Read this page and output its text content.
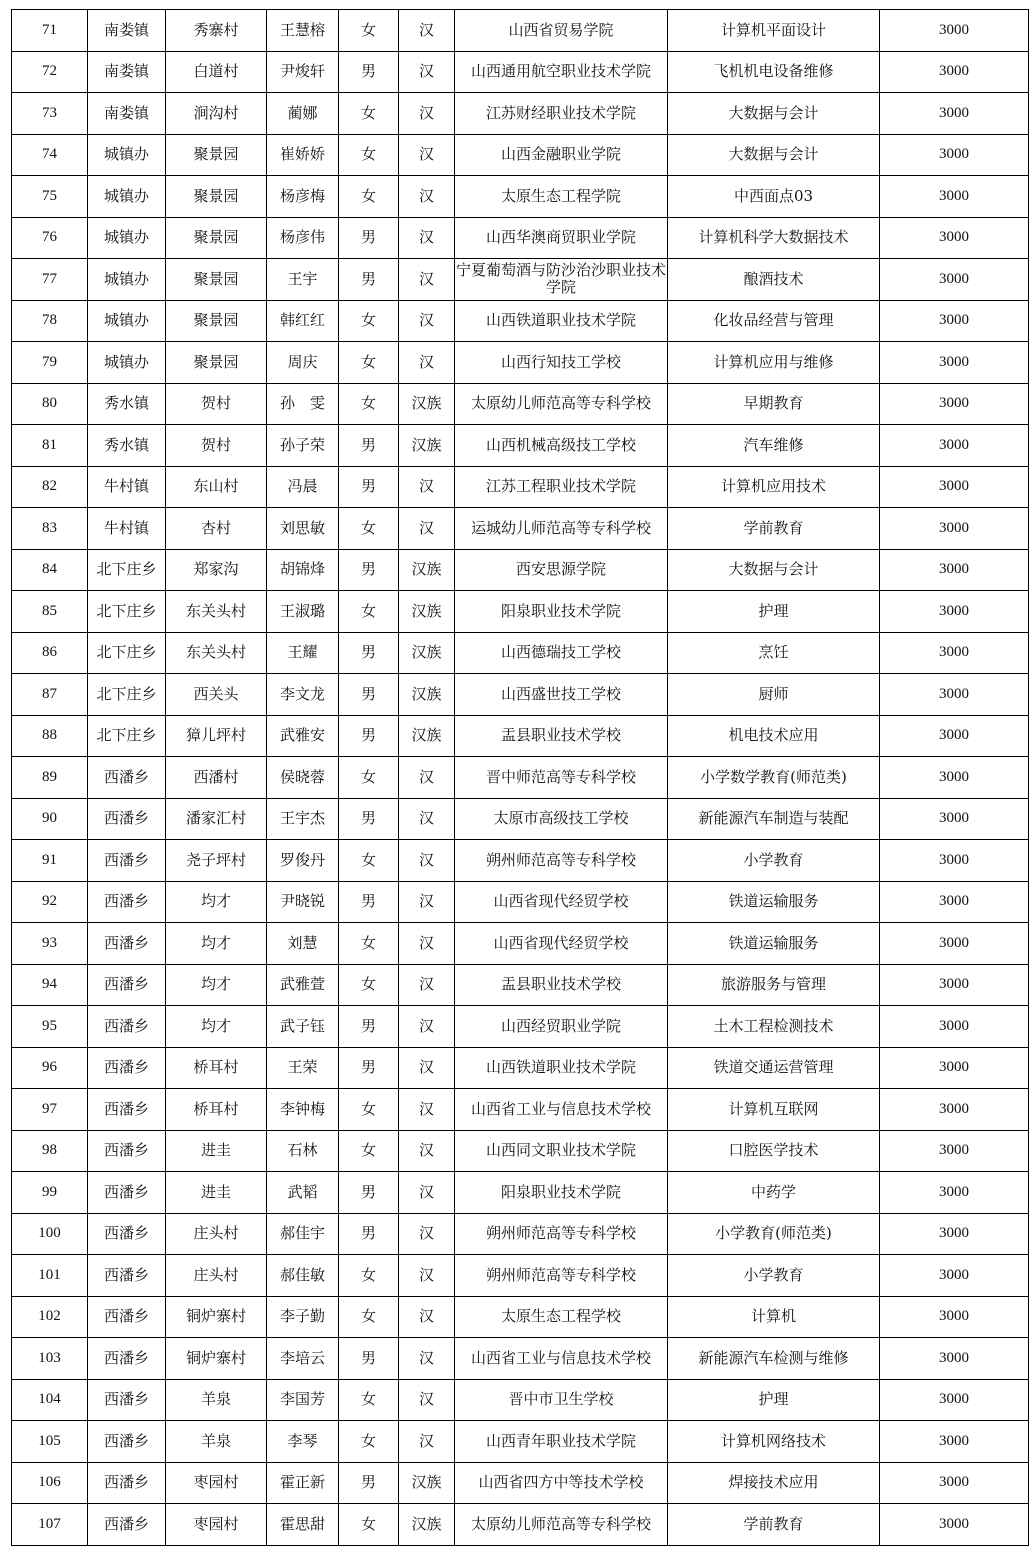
71	南娄镇	秀寨村	王慧榕	女	汉	山西省贸易学院	计算机平面设计	3000
72	南娄镇	白道村	尹焌轩	男	汉	山西通用航空职业技术学院	飞机机电设备维修	3000
73	南娄镇	涧沟村	蔺娜	女	汉	江苏财经职业技术学院	大数据与会计	3000
74	城镇办	聚景园	崔娇娇	女	汉	山西金融职业学院	大数据与会计	3000
75	城镇办	聚景园	杨彦梅	女	汉	太原生态工程学院	中西面点03	3000
76	城镇办	聚景园	杨彦伟	男	汉	山西华澳商贸职业学院	计算机科学大数据技术	3000
77	城镇办	聚景园	王宇	男	汉	宁夏葡萄酒与防沙治沙职业技术学院	酿酒技术	3000
78	城镇办	聚景园	韩红红	女	汉	山西铁道职业技术学院	化妆品经营与管理	3000
79	城镇办	聚景园	周庆	女	汉	山西行知技工学校	计算机应用与维修	3000
80	秀水镇	贺村	孙　雯	女	汉族	太原幼儿师范高等专科学校	早期教育	3000
81	秀水镇	贺村	孙子荣	男	汉族	山西机械高级技工学校	汽车维修	3000
82	牛村镇	东山村	冯晨	男	汉	江苏工程职业技术学院	计算机应用技术	3000
83	牛村镇	杏村	刘思敏	女	汉	运城幼儿师范高等专科学校	学前教育	3000
84	北下庄乡	郑家沟	胡锦烽	男	汉族	西安思源学院	大数据与会计	3000
85	北下庄乡	东关头村	王淑璐	女	汉族	阳泉职业技术学院	护理	3000
86	北下庄乡	东关头村	王耀	男	汉族	山西德瑞技工学校	烹饪	3000
87	北下庄乡	西关头	李文龙	男	汉族	山西盛世技工学校	厨师	3000
88	北下庄乡	獐儿坪村	武雅安	男	汉族	盂县职业技术学校	机电技术应用	3000
89	西潘乡	西潘村	侯晓蓉	女	汉	晋中师范高等专科学校	小学数学教育(师范类)	3000
90	西潘乡	潘家汇村	王宇杰	男	汉	太原市高级技工学校	新能源汽车制造与装配	3000
91	西潘乡	尧子坪村	罗俊丹	女	汉	朔州师范高等专科学校	小学教育	3000
92	西潘乡	均才	尹晓锐	男	汉	山西省现代经贸学校	铁道运输服务	3000
93	西潘乡	均才	刘慧	女	汉	山西省现代经贸学校	铁道运输服务	3000
94	西潘乡	均才	武雅萱	女	汉	盂县职业技术学校	旅游服务与管理	3000
95	西潘乡	均才	武子钰	男	汉	山西经贸职业学院	土木工程检测技术	3000
96	西潘乡	桥耳村	王荣	男	汉	山西铁道职业技术学院	铁道交通运营管理	3000
97	西潘乡	桥耳村	李钟梅	女	汉	山西省工业与信息技术学校	计算机互联网	3000
98	西潘乡	进圭	石林	女	汉	山西同文职业技术学院	口腔医学技术	3000
99	西潘乡	进圭	武韬	男	汉	阳泉职业技术学院	中药学	3000
100	西潘乡	庄头村	郝佳宇	男	汉	朔州师范高等专科学校	小学教育(师范类)	3000
101	西潘乡	庄头村	郝佳敏	女	汉	朔州师范高等专科学校	小学教育	3000
102	西潘乡	铜炉寨村	李子勤	女	汉	太原生态工程学校	计算机	3000
103	西潘乡	铜炉寨村	李培云	男	汉	山西省工业与信息技术学校	新能源汽车检测与维修	3000
104	西潘乡	羊泉	李国芳	女	汉	晋中市卫生学校	护理	3000
105	西潘乡	羊泉	李琴	女	汉	山西青年职业技术学院	计算机网络技术	3000
106	西潘乡	枣园村	霍正新	男	汉族	山西省四方中等技术学校	焊接技术应用	3000
107	西潘乡	枣园村	霍思甜	女	汉族	太原幼儿师范高等专科学校	学前教育	3000
